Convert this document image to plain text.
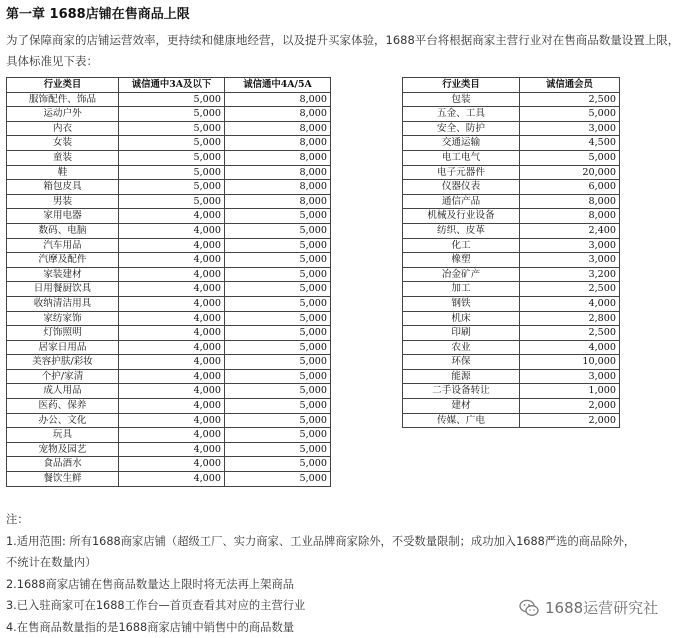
第一章 1688店铺在售商品上限
为了保障商家的店铺运营效率，更持续和健康地经营，以及提升买家体验，1688平台将根据商家主营行业对在售商品数量设置上限，具体标准见下表：
行业类目	诚信通中3A及以下	诚信通中4A/5A
服饰配件、饰品	5,000	8,000
运动户外	5,000	8,000
内衣	5,000	8,000
女装	5,000	8,000
童装	5,000	8,000
鞋	5,000	8,000
箱包皮具	5,000	8,000
男装	5,000	8,000
家用电器	4,000	5,000
数码、电脑	4,000	5,000
汽车用品	4,000	5,000
汽摩及配件	4,000	5,000
家装建材	4,000	5,000
日用餐厨饮具	4,000	5,000
收纳清洁用具	4,000	5,000
家纺家饰	4,000	5,000
灯饰照明	4,000	5,000
居家日用品	4,000	5,000
美容护肤/彩妆	4,000	5,000
个护/家清	4,000	5,000
成人用品	4,000	5,000
医药、保养	4,000	5,000
办公、文化	4,000	5,000
玩具	4,000	5,000
宠物及园艺	4,000	5,000
食品酒水	4,000	5,000
餐饮生鲜	4,000	5,000
行业类目	诚信通会员
包装	2,500
五金、工具	5,000
安全、防护	3,000
交通运输	4,500
电工电气	5,000
电子元器件	20,000
仪器仪表	6,000
通信产品	8,000
机械及行业设备	8,000
纺织、皮革	2,400
化工	3,000
橡塑	3,000
冶金矿产	3,200
加工	2,500
钢铁	4,000
机床	2,800
印刷	2,500
农业	4,000
环保	10,000
能源	3,000
二手设备转让	1,000
建材	2,000
传媒、广电	2,000

注：

1.适用范围: 所有1688商家店铺（超级工厂、实力商家、工业品牌商家除外，不受数量限制；成功加入1688严选的商品除外，不统计在数量内）

2.1688商家店铺在售商品数量达上限时将无法再上架商品

3.已入驻商家可在1688工作台—首页查看其对应的主营行业

4.在售商品数量指的是1688商家店铺中销售中的商品数量

1688运营研究社
